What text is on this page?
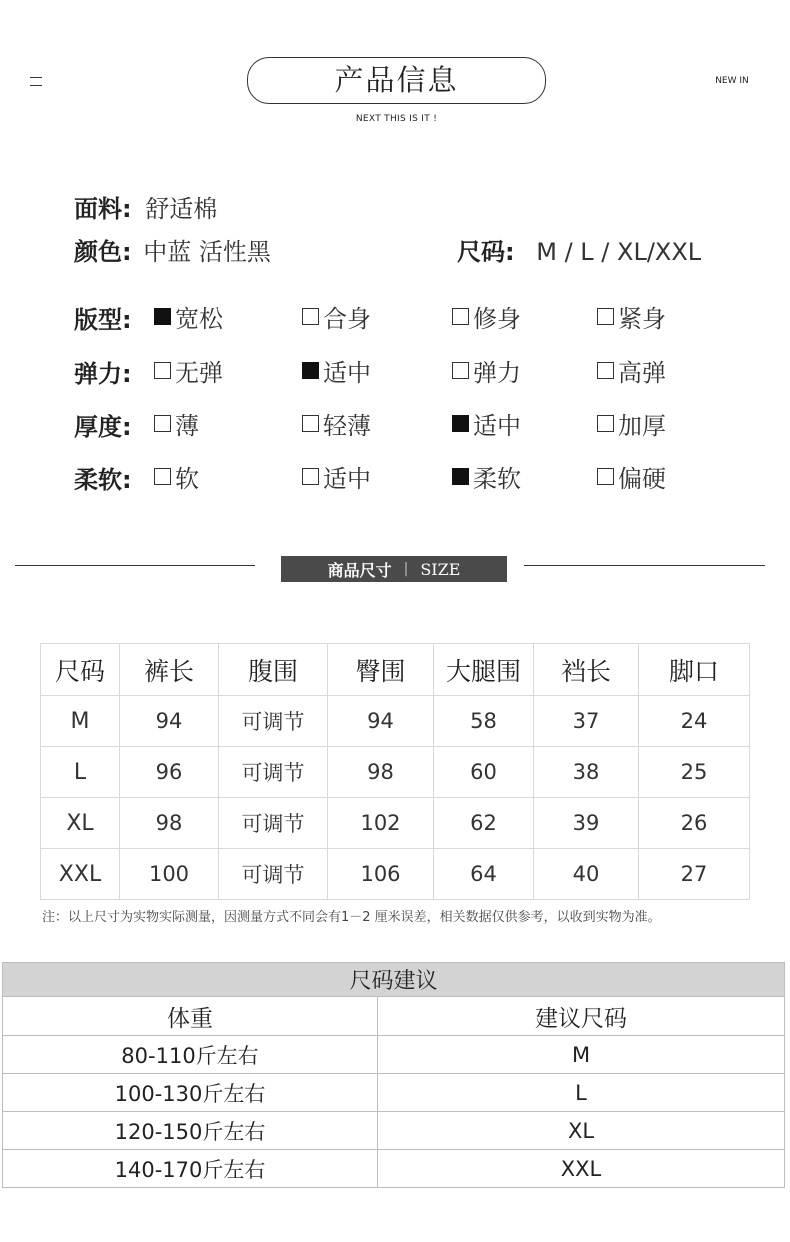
产品信息
NEXT THIS IS IT !
NEW IN
面料: 舒适棉
颜色: 中蓝 活性黑	尺码: M / L / XL/XXL
版型: 宽松	合身	修身	紧身
弹力: 无弹	适中	弹力	高弹
厚度: 薄	轻薄	适中	加厚
柔软: 软	适中	柔软	偏硬
商品尺寸 | SIZE
尺码	裤长	腹围	臀围	大腿围	裆长	脚口
M	94	可调节	94	58	37	24
L	96	可调节	98	60	38	25
XL	98	可调节	102	62	39	26
XXL	100	可调节	106	64	40	27
注：以上尺寸为实物实际测量，因测量方式不同会有1－2 厘米误差，相关数据仅供参考，以收到实物为准。
尺码建议	
体重	建议尺码
80-110斤左右	M
100-130斤左右	L
120-150斤左右	XL
140-170斤左右	XXL
